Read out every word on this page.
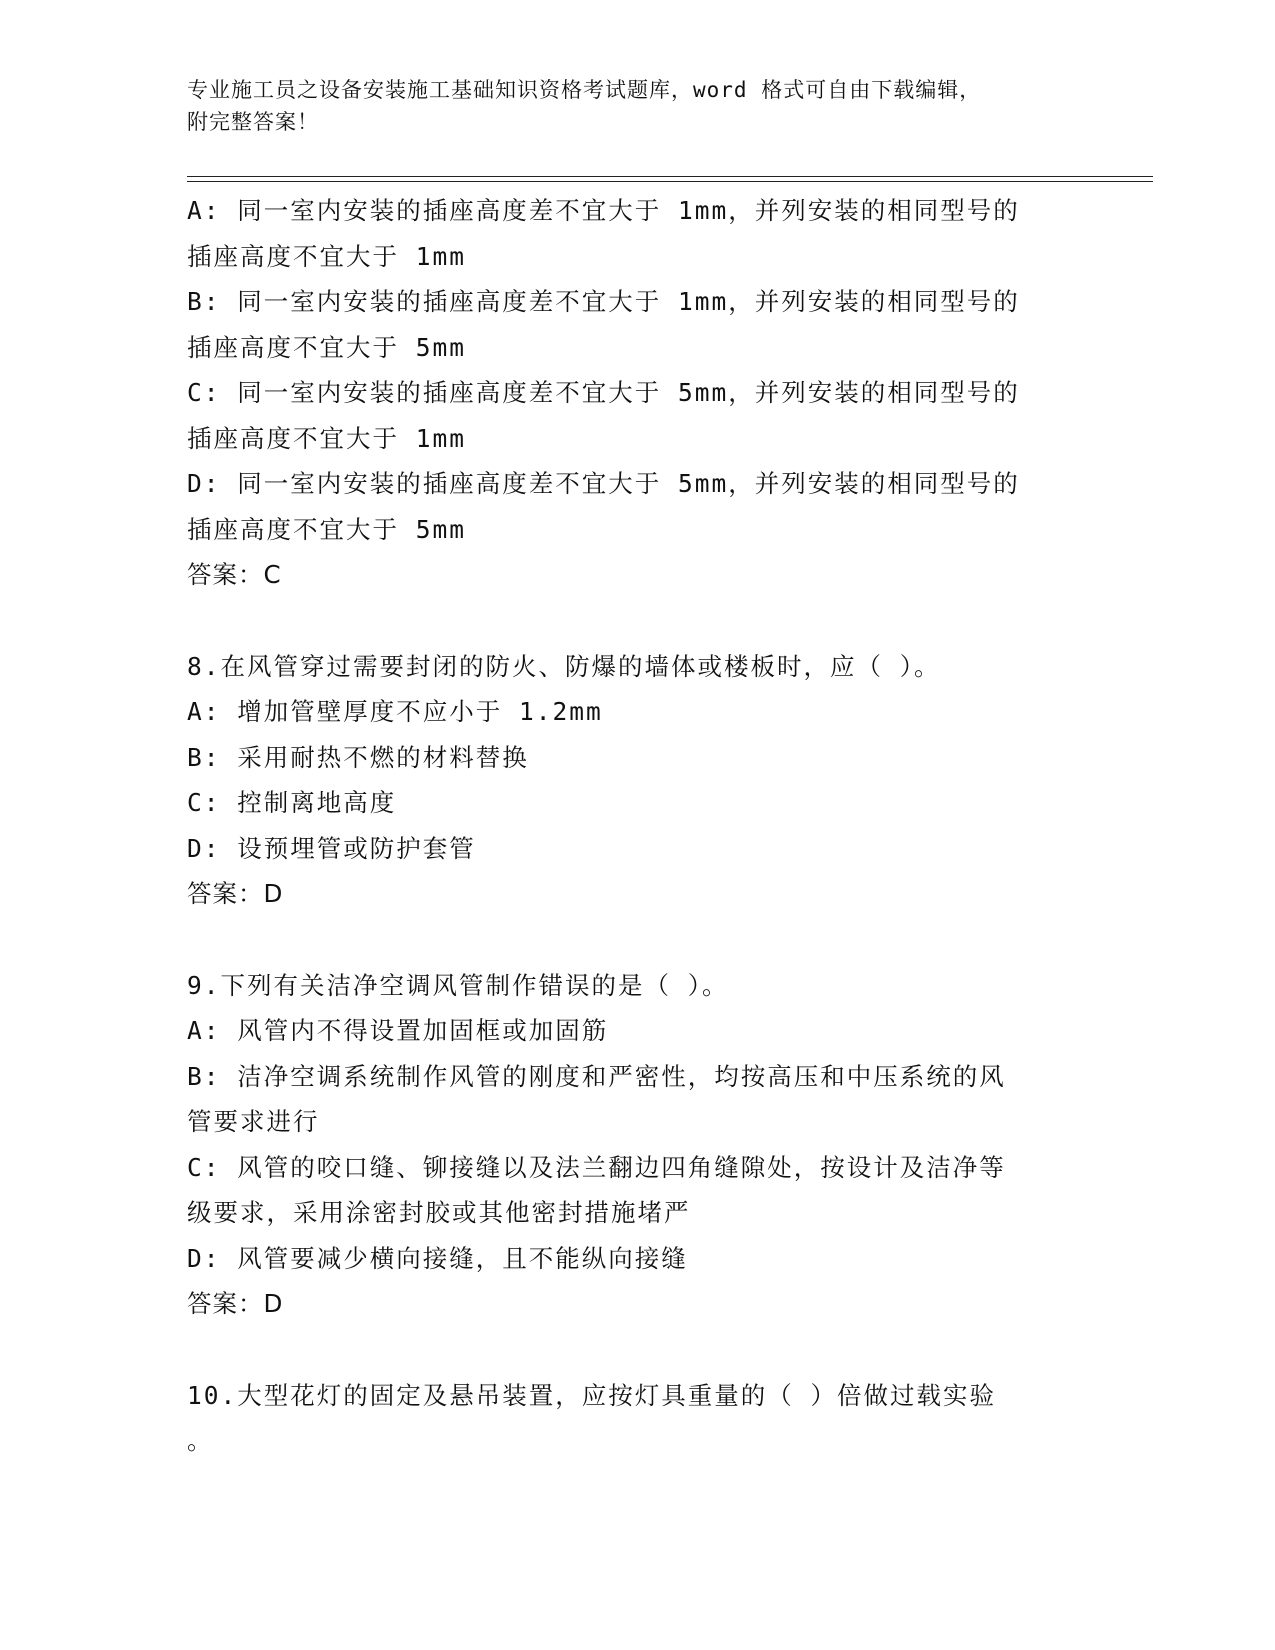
专业施工员之设备安装施工基础知识资格考试题库，word 格式可自由下载编辑，

附完整答案！

A: 同一室内安装的插座高度差不宜大于 1mm，并列安装的相同型号的

插座高度不宜大于 1mm

B: 同一室内安装的插座高度差不宜大于 1mm，并列安装的相同型号的

插座高度不宜大于 5mm

C: 同一室内安装的插座高度差不宜大于 5mm，并列安装的相同型号的

插座高度不宜大于 1mm

D: 同一室内安装的插座高度差不宜大于 5mm，并列安装的相同型号的

插座高度不宜大于 5mm

答案：C

8.在风管穿过需要封闭的防火、防爆的墙体或楼板时，应（ ）。

A: 增加管壁厚度不应小于 1.2mm

B: 采用耐热不燃的材料替换

C: 控制离地高度

D: 设预埋管或防护套管

答案：D

9.下列有关洁净空调风管制作错误的是（ ）。

A: 风管内不得设置加固框或加固筋

B: 洁净空调系统制作风管的刚度和严密性，均按高压和中压系统的风

管要求进行

C: 风管的咬口缝、铆接缝以及法兰翻边四角缝隙处，按设计及洁净等

级要求，采用涂密封胶或其他密封措施堵严

D: 风管要减少横向接缝，且不能纵向接缝

答案：D

10.大型花灯的固定及悬吊装置，应按灯具重量的（ ）倍做过载实验

。
